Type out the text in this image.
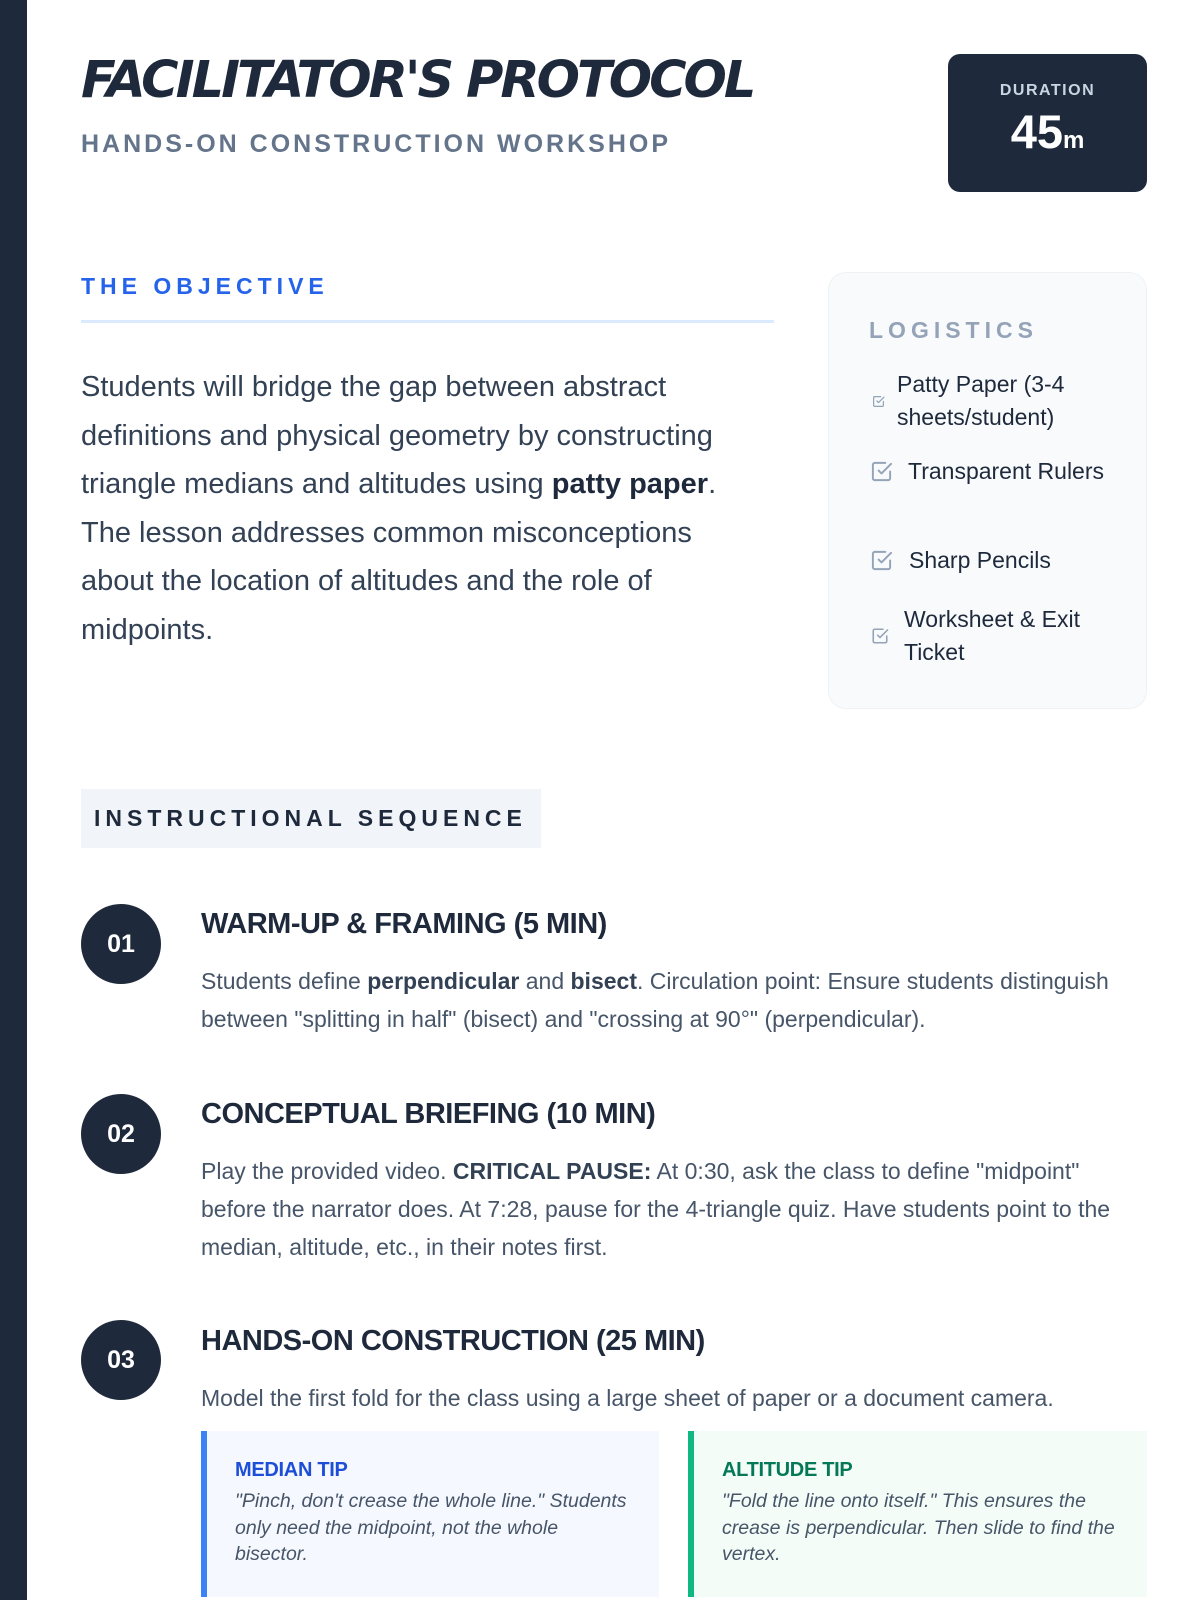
FACILITATOR'S PROTOCOL
HANDS-ON CONSTRUCTION WORKSHOP
DURATION
45m
THE OBJECTIVE

Students will bridge the gap between abstract definitions and physical geometry by constructing triangle medians and altitudes using patty paper. The lesson addresses common misconceptions about the location of altitudes and the role of midpoints.

LOGISTICS
Patty Paper (3-4 sheets/student)
Transparent Rulers
Sharp Pencils
Worksheet & Exit Ticket
INSTRUCTIONAL SEQUENCE
01
WARM-UP & FRAMING (5 MIN)

Students define perpendicular and bisect. Circulation point: Ensure students distinguish between "splitting in half" (bisect) and "crossing at 90°" (perpendicular).

02
CONCEPTUAL BRIEFING (10 MIN)

Play the provided video. CRITICAL PAUSE: At 0:30, ask the class to define "midpoint" before the narrator does. At 7:28, pause for the 4-triangle quiz. Have students point to the median, altitude, etc., in their notes first.

03
HANDS-ON CONSTRUCTION (25 MIN)

Model the first fold for the class using a large sheet of paper or a document camera.

MEDIAN TIP

"Pinch, don't crease the whole line." Students only need the midpoint, not the whole bisector.

ALTITUDE TIP

"Fold the line onto itself." This ensures the crease is perpendicular. Then slide to find the vertex.
